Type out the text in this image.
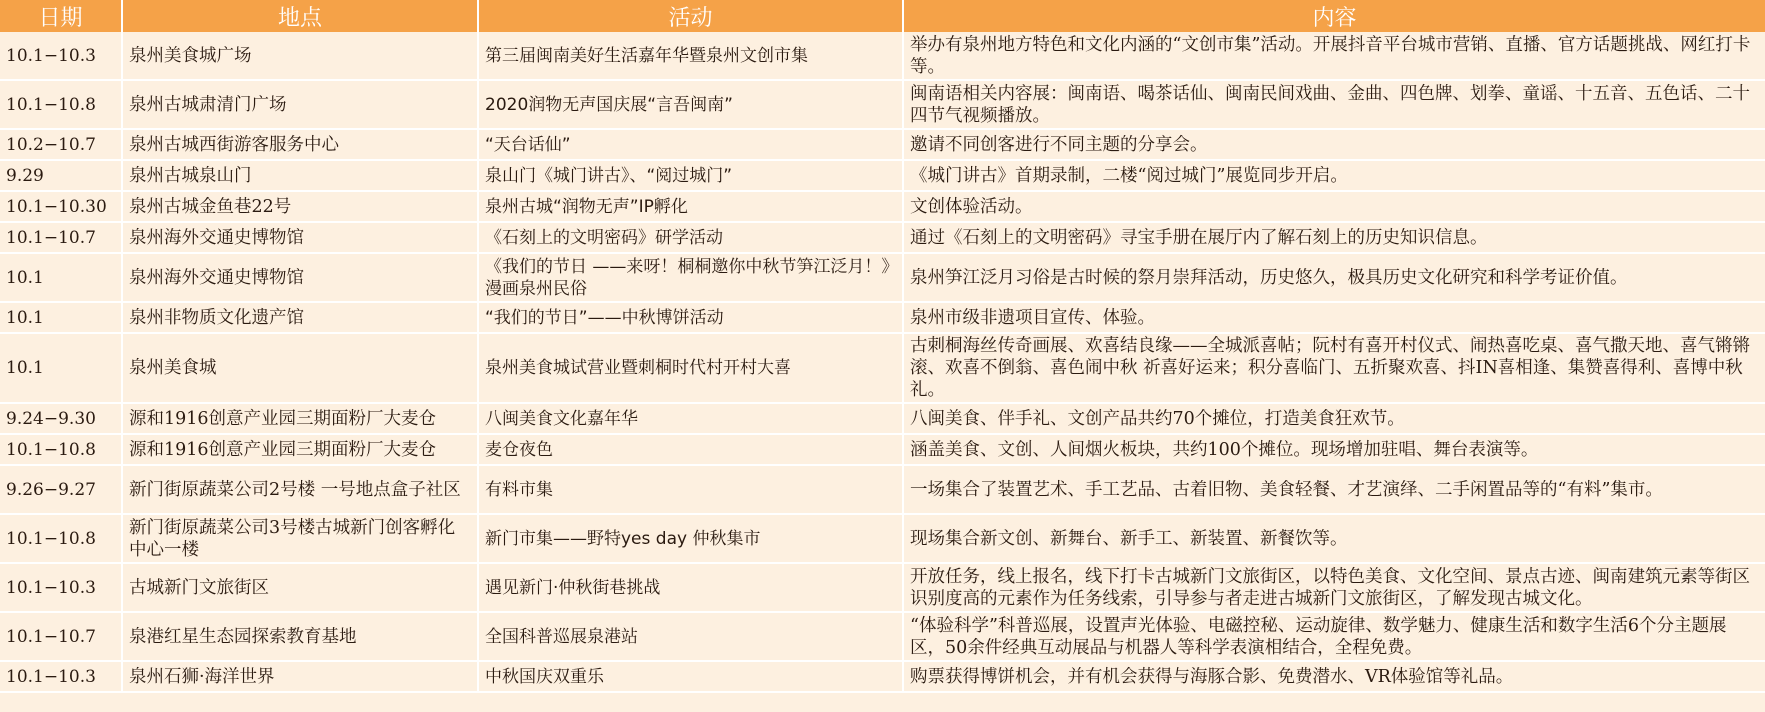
日期	地点	活动	内容
10.1−10.3	泉州美食城广场	第三届闽南美好生活嘉年华暨泉州文创市集	举办有泉州地方特色和文化内涵的“文创市集”活动。开展抖音平台城市营销、直播、官方话题挑战、网红打卡等。
10.1−10.8	泉州古城肃清门广场	2020润物无声国庆展“言吾闽南”	闽南语相关内容展：闽南语、喝茶话仙、闽南民间戏曲、金曲、四色牌、划拳、童谣、十五音、五色话、二十四节气视频播放。
10.2−10.7	泉州古城西街游客服务中心	“天台话仙”	邀请不同创客进行不同主题的分享会。
9.29	泉州古城泉山门	泉山门《城门讲古》、“阅过城门”	《城门讲古》首期录制，二楼“阅过城门”展览同步开启。
10.1−10.30	泉州古城金鱼巷22号	泉州古城“润物无声”IP孵化	文创体验活动。
10.1−10.7	泉州海外交通史博物馆	《石刻上的文明密码》研学活动	通过《石刻上的文明密码》寻宝手册在展厅内了解石刻上的历史知识信息。
10.1	泉州海外交通史博物馆	《我们的节日 ——来呀！桐桐邀你中秋节笋江泛月！》漫画泉州民俗	泉州笋江泛月习俗是古时候的祭月崇拜活动，历史悠久，极具历史文化研究和科学考证价值。
10.1	泉州非物质文化遗产馆	“我们的节日”——中秋博饼活动	泉州市级非遗项目宣传、体验。
10.1	泉州美食城	泉州美食城试营业暨刺桐时代村开村大喜	古刺桐海丝传奇画展、欢喜结良缘——全城派喜帖；阮村有喜开村仪式、闹热喜吃桌、喜气撒天地、喜气锵锵滚、欢喜不倒翁、喜色闹中秋 祈喜好运来；积分喜临门、五折聚欢喜、抖IN喜相逢、集赞喜得利、喜博中秋礼。
9.24−9.30	源和1916创意产业园三期面粉厂大麦仓	八闽美食文化嘉年华	八闽美食、伴手礼、文创产品共约70个摊位，打造美食狂欢节。
10.1−10.8	源和1916创意产业园三期面粉厂大麦仓	麦仓夜色	涵盖美食、文创、人间烟火板块，共约100个摊位。现场增加驻唱、舞台表演等。
9.26−9.27	新门街原蔬菜公司2号楼 一号地点盒子社区	有料市集	一场集合了装置艺术、手工艺品、古着旧物、美食轻餐、才艺演绎、二手闲置品等的“有料”集市。
10.1−10.8	新门街原蔬菜公司3号楼古城新门创客孵化中心一楼	新门市集——野特yes day 仲秋集市	现场集合新文创、新舞台、新手工、新装置、新餐饮等。
10.1−10.3	古城新门文旅街区	遇见新门·仲秋街巷挑战	开放任务，线上报名，线下打卡古城新门文旅街区，以特色美食、文化空间、景点古迹、闽南建筑元素等街区识别度高的元素作为任务线索，引导参与者走进古城新门文旅街区，了解发现古城文化。
10.1−10.7	泉港红星生态园探索教育基地	全国科普巡展泉港站	“体验科学”科普巡展，设置声光体验、电磁控秘、运动旋律、数学魅力、健康生活和数字生活6个分主题展区，50余件经典互动展品与机器人等科学表演相结合，全程免费。
10.1−10.3	泉州石狮·海洋世界	中秋国庆双重乐	购票获得博饼机会，并有机会获得与海豚合影、免费潜水、VR体验馆等礼品。
